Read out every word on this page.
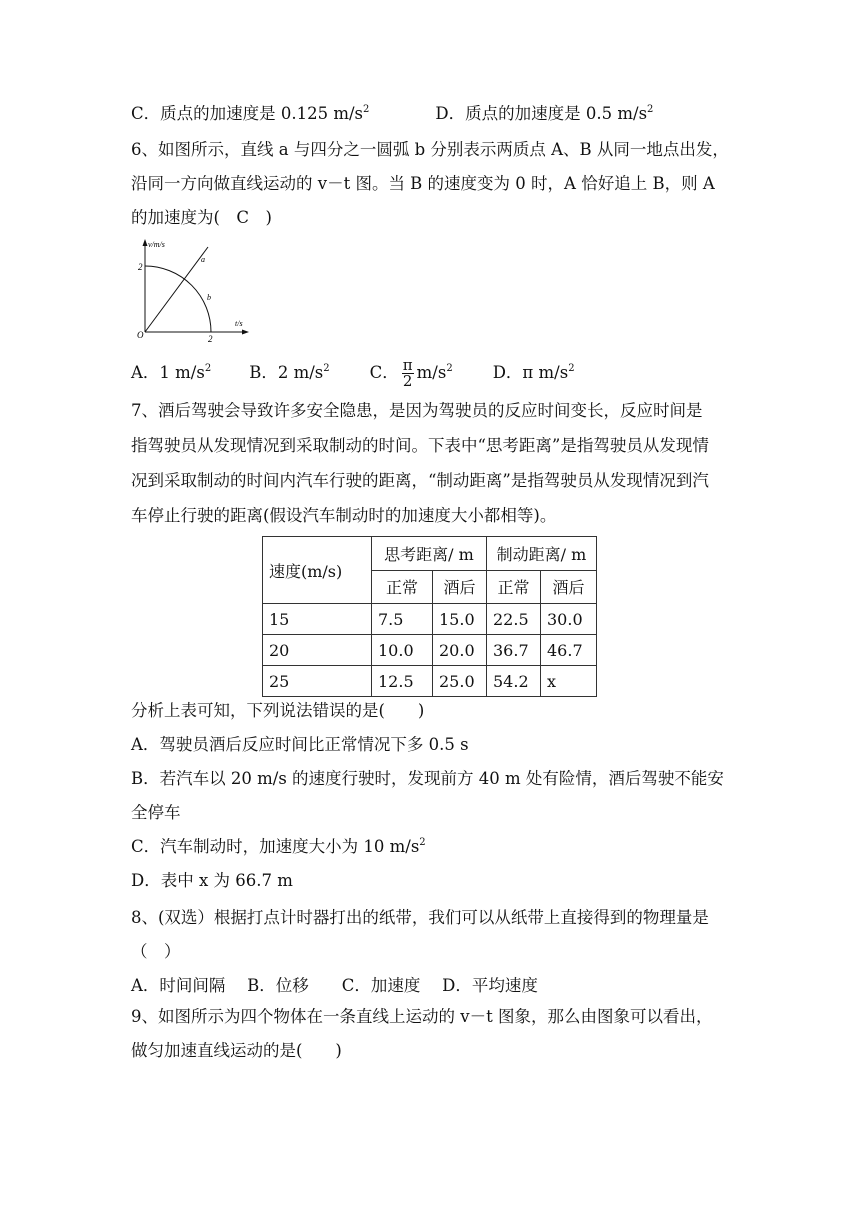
C．质点的加速度是 0.125 $m/s^2$	D．质点的加速度是 0.5 $m/s^2$
6、如图所示，直线 a 与四分之一圆弧 b 分别表示两质点 A、B 从同一地点出发，
沿同一方向做直线运动的 v－t 图。当 B 的速度变为 0 时，A 恰好追上 B，则 A
的加速度为(　C　)
v/m/s
t/s
O
2
2
a
b
A．1 $m/s^2$ B．2 $m/s^2$ C． $\frac{\pi}{2} m/s^2$ D．π $m/s^2$
7、酒后驾驶会导致许多安全隐患，是因为驾驶员的反应时间变长，反应时间是
指驾驶员从发现情况到采取制动的时间。下表中“思考距离”是指驾驶员从发现情
况到采取制动的时间内汽车行驶的距离，“制动距离”是指驾驶员从发现情况到汽
车停止行驶的距离(假设汽车制动时的加速度大小都相等)。
速度(m/s)	思考距离/ m		制动距离/ m	
	正常	酒后	正常	酒后
15	7.5	15.0	22.5	30.0
20	10.0	20.0	36.7	46.7
25	12.5	25.0	54.2	x
分析上表可知，下列说法错误的是(　　)
A．驾驶员酒后反应时间比正常情况下多 0.5 s
B．若汽车以 20 m/s 的速度行驶时，发现前方 40 m 处有险情，酒后驾驶不能安
全停车
C．汽车制动时，加速度大小为 10 $m/s^2$
D．表中 x 为 66.7 m
8、(双选）根据打点计时器打出的纸带，我们可以从纸带上直接得到的物理量是
（　）
A．时间间隔　 B．位移　　C．加速度　 D．平均速度
9、如图所示为四个物体在一条直线上运动的 v－t 图象，那么由图象可以看出，
做匀加速直线运动的是(　　)
